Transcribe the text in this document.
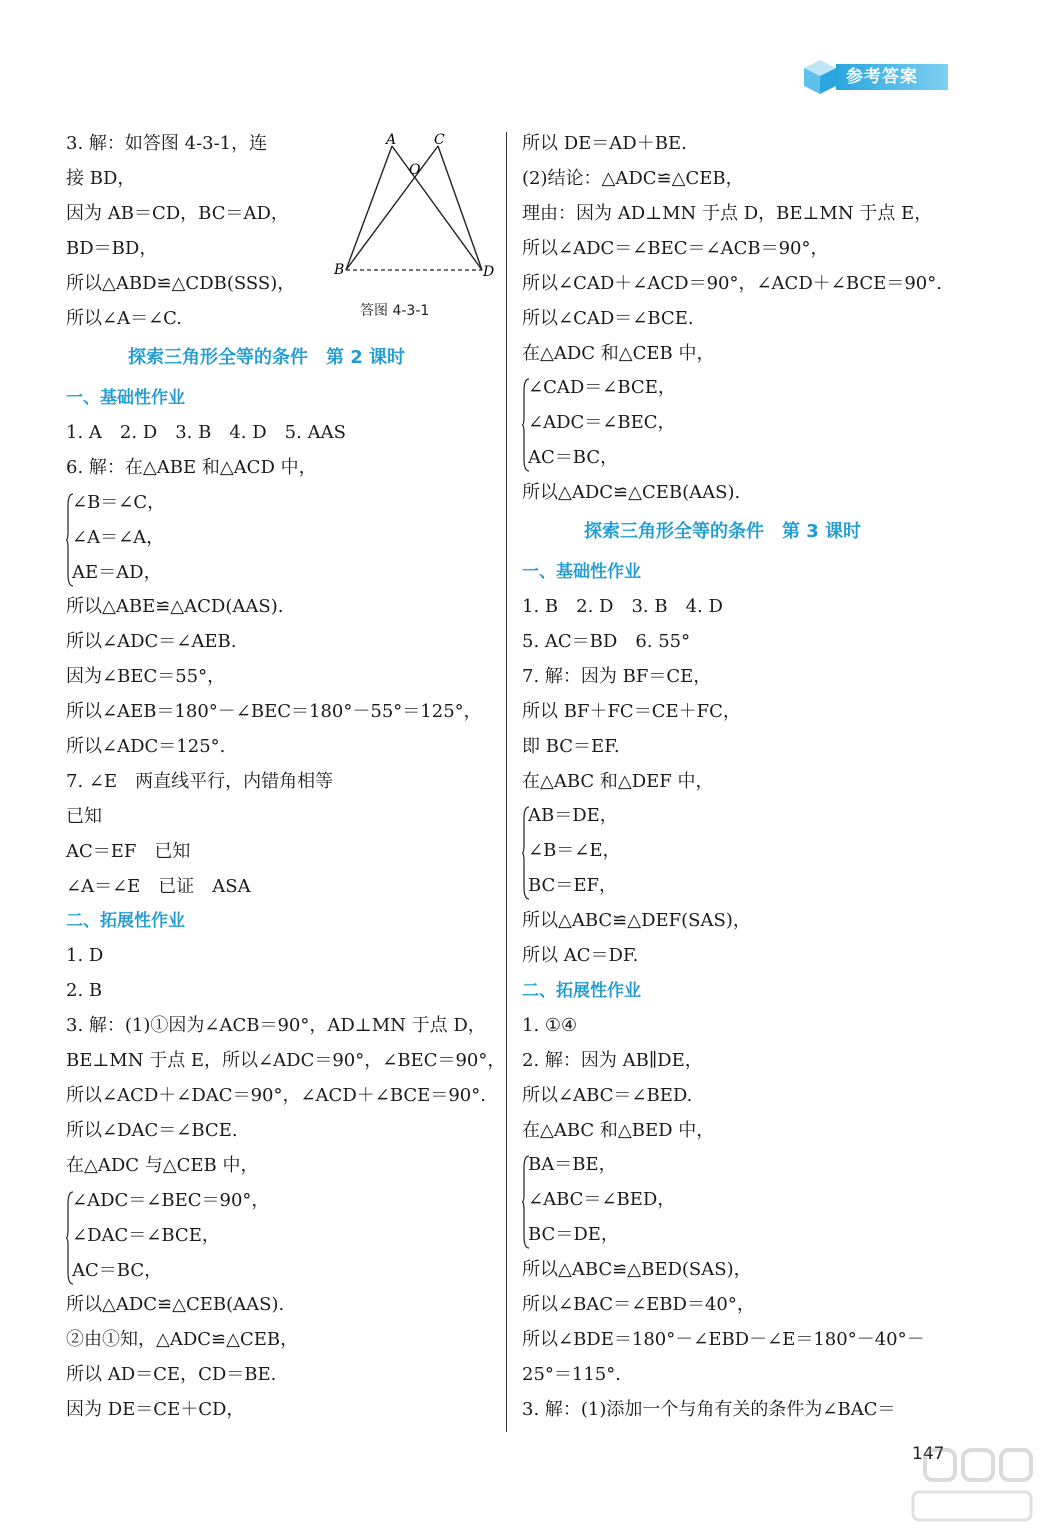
参考答案
3. 解：如答图 4-3-1，连
接 BD，
因为 AB＝CD，BC＝AD，
BD＝BD，
所以△ABD≌△CDB(SSS)，
所以∠A＝∠C.
探索三角形全等的条件　第 2 课时
一、基础性作业
1. A　2. D　3. B　4. D　5. AAS
6. 解：在△ABE 和△ACD 中，
∠B＝∠C，
∠A＝∠A，
AE＝AD，
所以△ABE≌△ACD(AAS).
所以∠ADC＝∠AEB.
因为∠BEC＝55°，
所以∠AEB＝180°－∠BEC＝180°－55°＝125°，
所以∠ADC＝125°.
7. ∠E　两直线平行，内错角相等
已知
AC＝EF　已知
∠A＝∠E　已证　ASA
二、拓展性作业
1. D
2. B
3. 解：(1)①因为∠ACB＝90°，AD⊥MN 于点 D，
BE⊥MN 于点 E，所以∠ADC＝90°，∠BEC＝90°，
所以∠ACD＋∠DAC＝90°，∠ACD＋∠BCE＝90°.
所以∠DAC＝∠BCE.
在△ADC 与△CEB 中，
∠ADC＝∠BEC＝90°，
∠DAC＝∠BCE，
AC＝BC，
所以△ADC≌△CEB(AAS).
②由①知，△ADC≌△CEB，
所以 AD＝CE，CD＝BE.
因为 DE＝CE＋CD，
A	C
O
B	D
答图 4-3-1
所以 DE＝AD＋BE.
(2)结论：△ADC≌△CEB，
理由：因为 AD⊥MN 于点 D，BE⊥MN 于点 E，
所以∠ADC＝∠BEC＝∠ACB＝90°，
所以∠CAD＋∠ACD＝90°，∠ACD＋∠BCE＝90°.
所以∠CAD＝∠BCE.
在△ADC 和△CEB 中，
∠CAD＝∠BCE，
∠ADC＝∠BEC，
AC＝BC，
所以△ADC≌△CEB(AAS).
探索三角形全等的条件　第 3 课时
一、基础性作业
1. B　2. D　3. B　4. D
5. AC＝BD　6. 55°
7. 解：因为 BF＝CE，
所以 BF＋FC＝CE＋FC，
即 BC＝EF.
在△ABC 和△DEF 中，
AB＝DE，
∠B＝∠E，
BC＝EF，
所以△ABC≌△DEF(SAS)，
所以 AC＝DF.
二、拓展性作业
1. ①④
2. 解：因为 AB∥DE，
所以∠ABC＝∠BED.
在△ABC 和△BED 中，
BA＝BE，
∠ABC＝∠BED，
BC＝DE，
所以△ABC≌△BED(SAS)，
所以∠BAC＝∠EBD＝40°，
所以∠BDE＝180°－∠EBD－∠E＝180°－40°－
25°＝115°.
3. 解：(1)添加一个与角有关的条件为∠BAC＝
147
